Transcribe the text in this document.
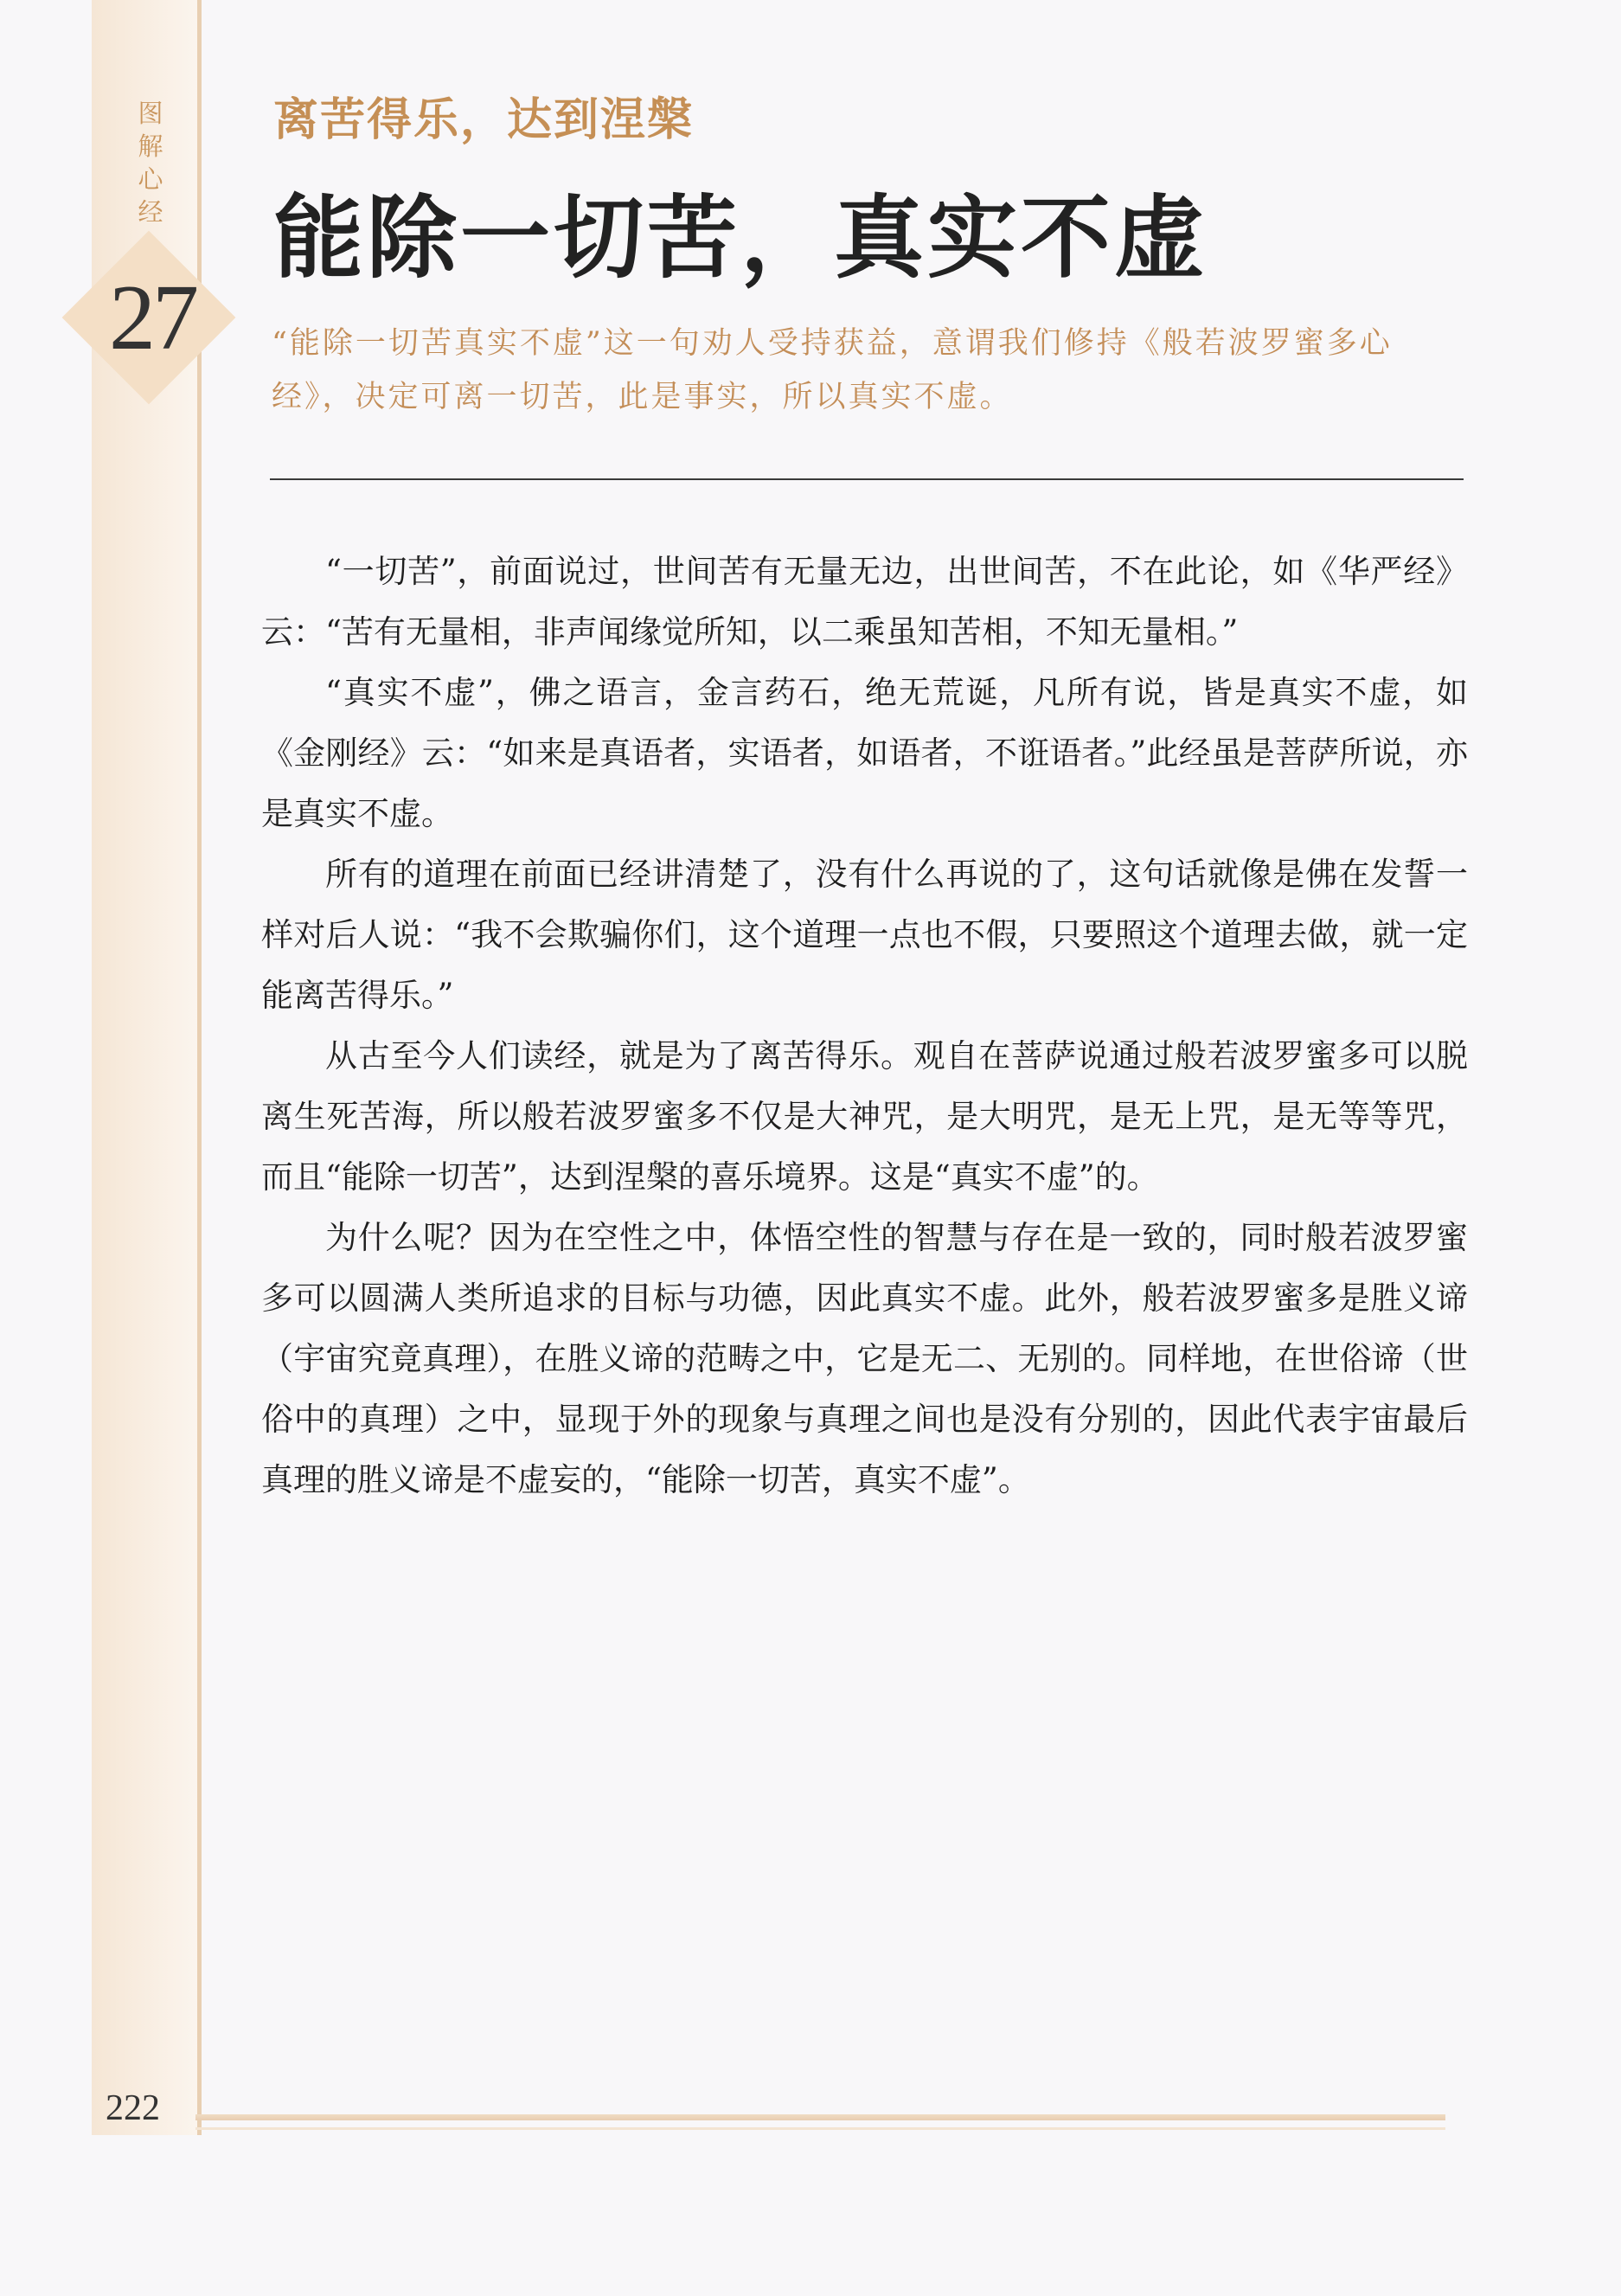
图
解
心
经
27
离苦得乐，达到涅槃
能除一切苦，真实不虚
“能除一切苦真实不虚”这一句劝人受持获益，意谓我们修持《般若波罗蜜多心经》，决定可离一切苦，此是事实，所以真实不虚。

“一切苦”，前面说过，世间苦有无量无边，出世间苦，不在此论，如《华严经》云：“苦有无量相，非声闻缘觉所知，以二乘虽知苦相，不知无量相。”

“真实不虚”，佛之语言，金言药石，绝无荒诞，凡所有说，皆是真实不虚，如《金刚经》云：“如来是真语者，实语者，如语者，不诳语者。”此经虽是菩萨所说，亦是真实不虚。

所有的道理在前面已经讲清楚了，没有什么再说的了，这句话就像是佛在发誓一样对后人说：“我不会欺骗你们，这个道理一点也不假，只要照这个道理去做，就一定能离苦得乐。”

从古至今人们读经，就是为了离苦得乐。观自在菩萨说通过般若波罗蜜多可以脱离生死苦海，所以般若波罗蜜多不仅是大神咒，是大明咒，是无上咒，是无等等咒，而且“能除一切苦”，达到涅槃的喜乐境界。这是“真实不虚”的。

为什么呢？因为在空性之中，体悟空性的智慧与存在是一致的，同时般若波罗蜜多可以圆满人类所追求的目标与功德，因此真实不虚。此外，般若波罗蜜多是胜义谛（宇宙究竟真理），在胜义谛的范畴之中，它是无二、无别的。同样地，在世俗谛（世俗中的真理）之中，显现于外的现象与真理之间也是没有分别的，因此代表宇宙最后真理的胜义谛是不虚妄的，“能除一切苦，真实不虚”。

222
